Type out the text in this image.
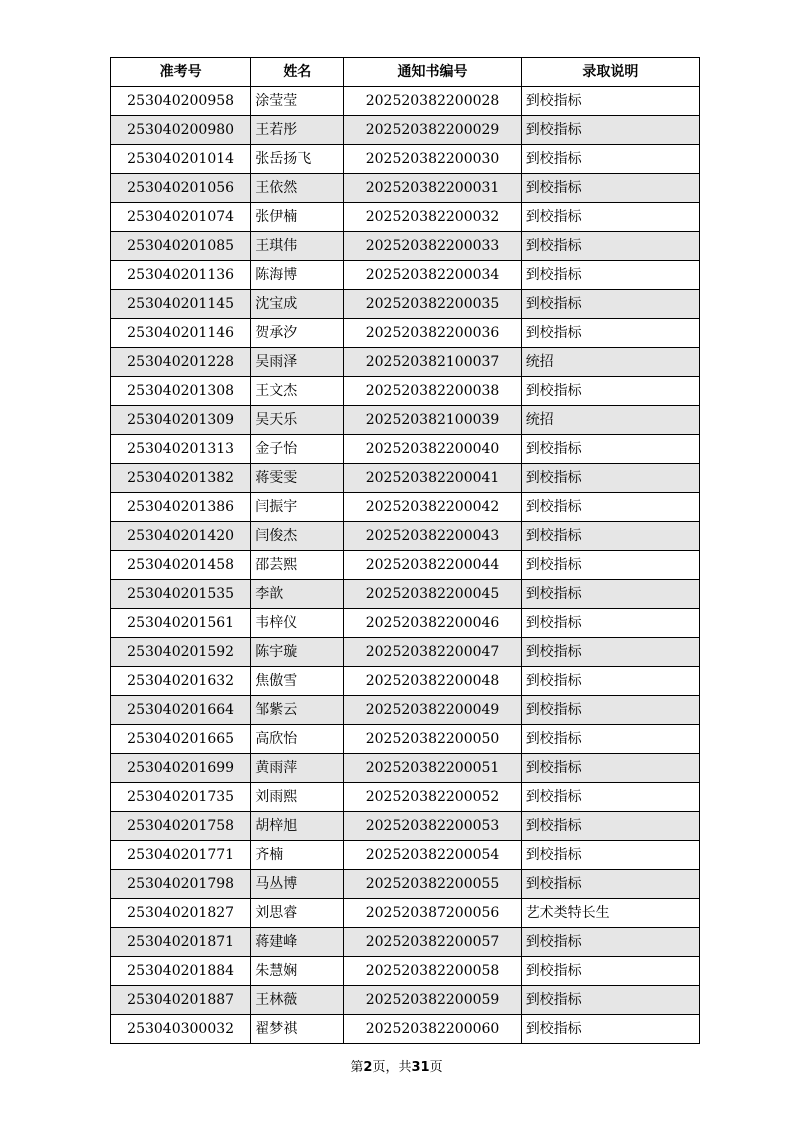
准考号	姓名	通知书编号	录取说明
253040200958	涂莹莹	202520382200028	到校指标
253040200980	王若彤	202520382200029	到校指标
253040201014	张岳扬飞	202520382200030	到校指标
253040201056	王依然	202520382200031	到校指标
253040201074	张伊楠	202520382200032	到校指标
253040201085	王琪伟	202520382200033	到校指标
253040201136	陈海博	202520382200034	到校指标
253040201145	沈宝成	202520382200035	到校指标
253040201146	贺承汐	202520382200036	到校指标
253040201228	吴雨泽	202520382100037	统招
253040201308	王文杰	202520382200038	到校指标
253040201309	吴天乐	202520382100039	统招
253040201313	金子怡	202520382200040	到校指标
253040201382	蒋雯雯	202520382200041	到校指标
253040201386	闫振宇	202520382200042	到校指标
253040201420	闫俊杰	202520382200043	到校指标
253040201458	邵芸熙	202520382200044	到校指标
253040201535	李歆	202520382200045	到校指标
253040201561	韦梓仪	202520382200046	到校指标
253040201592	陈宇璇	202520382200047	到校指标
253040201632	焦傲雪	202520382200048	到校指标
253040201664	邹紫云	202520382200049	到校指标
253040201665	高欣怡	202520382200050	到校指标
253040201699	黄雨萍	202520382200051	到校指标
253040201735	刘雨熙	202520382200052	到校指标
253040201758	胡梓旭	202520382200053	到校指标
253040201771	齐楠	202520382200054	到校指标
253040201798	马丛博	202520382200055	到校指标
253040201827	刘思睿	202520387200056	艺术类特长生
253040201871	蒋建峰	202520382200057	到校指标
253040201884	朱慧娴	202520382200058	到校指标
253040201887	王林薇	202520382200059	到校指标
253040300032	翟梦祺	202520382200060	到校指标
第2页，共31页
